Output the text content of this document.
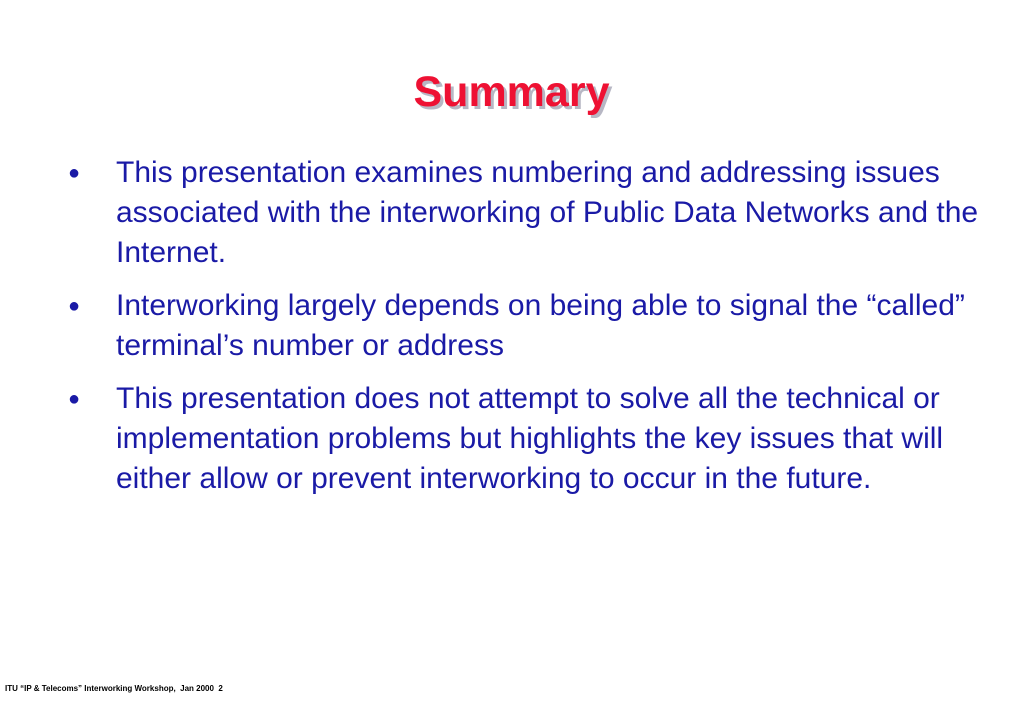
Summary
● This presentation examines numbering and addressing issues associated with the interworking of Public Data Networks and the Internet.
● Interworking largely depends on being able to signal the “called” terminal’s number or address
● This presentation does not attempt to solve all the technical or implementation problems but highlights the key issues that will either allow or prevent interworking to occur in the future.
ITU “IP & Telecoms” Interworking Workshop,  Jan 2000  2
